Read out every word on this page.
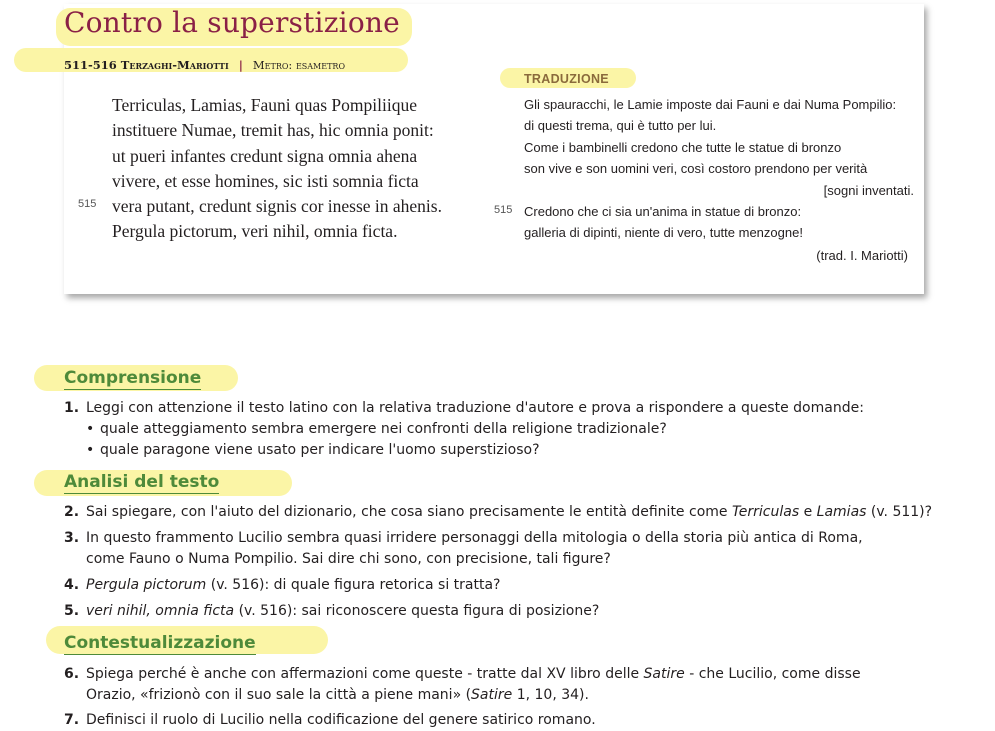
Contro la superstizione
511-516 Terzaghi-Mariotti | Metro: esametro
Terriculas, Lamias, Fauni quas Pompiliique
instituere Numae, tremit has, hic omnia ponit:
ut pueri infantes credunt signa omnia ahena
vivere, et esse homines, sic isti somnia ficta
vera putant, credunt signis cor inesse in ahenis.
Pergula pictorum, veri nihil, omnia ficta.
515
TRADUZIONE
Gli spauracchi, le Lamie imposte dai Fauni e dai Numa Pompilio:
di questi trema, qui è tutto per lui.
Come i bambinelli credono che tutte le statue di bronzo
son vive e son uomini veri, così costoro prendono per verità
[sogni inventati.
Credono che ci sia un'anima in statue di bronzo:
galleria di dipinti, niente di vero, tutte menzogne!
515
(trad. I. Mariotti)
Comprensione
1. Leggi con attenzione il testo latino con la relativa traduzione d'autore e prova a rispondere a queste domande:
• quale atteggiamento sembra emergere nei confronti della religione tradizionale?
• quale paragone viene usato per indicare l'uomo superstizioso?
Analisi del testo
2. Sai spiegare, con l'aiuto del dizionario, che cosa siano precisamente le entità definite come Terriculas e Lamias (v. 511)?
3. In questo frammento Lucilio sembra quasi irridere personaggi della mitologia o della storia più antica di Roma,
come Fauno o Numa Pompilio. Sai dire chi sono, con precisione, tali figure?
4. Pergula pictorum (v. 516): di quale figura retorica si tratta?
5. veri nihil, omnia ficta (v. 516): sai riconoscere questa figura di posizione?
Contestualizzazione
6. Spiega perché è anche con affermazioni come queste - tratte dal XV libro delle Satire - che Lucilio, come disse
Orazio, «frizionò con il suo sale la città a piene mani» (Satire 1, 10, 34).
7. Definisci il ruolo di Lucilio nella codificazione del genere satirico romano.
